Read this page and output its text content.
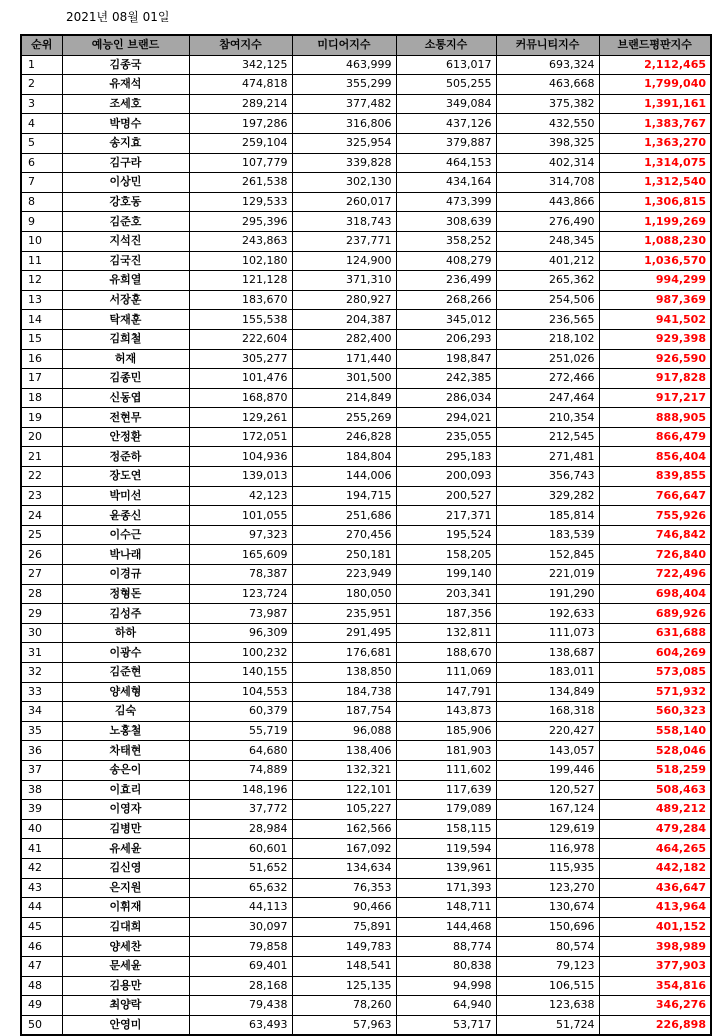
2021년 08월 01일
순위	예능인 브랜드	참여지수	미디어지수	소통지수	커뮤니티지수	브랜드평판지수
1	김종국	342,125	463,999	613,017	693,324	2,112,465
2	유재석	474,818	355,299	505,255	463,668	1,799,040
3	조세호	289,214	377,482	349,084	375,382	1,391,161
4	박명수	197,286	316,806	437,126	432,550	1,383,767
5	송지효	259,104	325,954	379,887	398,325	1,363,270
6	김구라	107,779	339,828	464,153	402,314	1,314,075
7	이상민	261,538	302,130	434,164	314,708	1,312,540
8	강호동	129,533	260,017	473,399	443,866	1,306,815
9	김준호	295,396	318,743	308,639	276,490	1,199,269
10	지석진	243,863	237,771	358,252	248,345	1,088,230
11	김국진	102,180	124,900	408,279	401,212	1,036,570
12	유희열	121,128	371,310	236,499	265,362	994,299
13	서장훈	183,670	280,927	268,266	254,506	987,369
14	탁재훈	155,538	204,387	345,012	236,565	941,502
15	김희철	222,604	282,400	206,293	218,102	929,398
16	허재	305,277	171,440	198,847	251,026	926,590
17	김종민	101,476	301,500	242,385	272,466	917,828
18	신동엽	168,870	214,849	286,034	247,464	917,217
19	전현무	129,261	255,269	294,021	210,354	888,905
20	안정환	172,051	246,828	235,055	212,545	866,479
21	정준하	104,936	184,804	295,183	271,481	856,404
22	장도연	139,013	144,006	200,093	356,743	839,855
23	박미선	42,123	194,715	200,527	329,282	766,647
24	윤종신	101,055	251,686	217,371	185,814	755,926
25	이수근	97,323	270,456	195,524	183,539	746,842
26	박나래	165,609	250,181	158,205	152,845	726,840
27	이경규	78,387	223,949	199,140	221,019	722,496
28	정형돈	123,724	180,050	203,341	191,290	698,404
29	김성주	73,987	235,951	187,356	192,633	689,926
30	하하	96,309	291,495	132,811	111,073	631,688
31	이광수	100,232	176,681	188,670	138,687	604,269
32	김준현	140,155	138,850	111,069	183,011	573,085
33	양세형	104,553	184,738	147,791	134,849	571,932
34	김숙	60,379	187,754	143,873	168,318	560,323
35	노홍철	55,719	96,088	185,906	220,427	558,140
36	차태현	64,680	138,406	181,903	143,057	528,046
37	송은이	74,889	132,321	111,602	199,446	518,259
38	이효리	148,196	122,101	117,639	120,527	508,463
39	이영자	37,772	105,227	179,089	167,124	489,212
40	김병만	28,984	162,566	158,115	129,619	479,284
41	유세윤	60,601	167,092	119,594	116,978	464,265
42	김신영	51,652	134,634	139,961	115,935	442,182
43	은지원	65,632	76,353	171,393	123,270	436,647
44	이휘재	44,113	90,466	148,711	130,674	413,964
45	김대희	30,097	75,891	144,468	150,696	401,152
46	양세찬	79,858	149,783	88,774	80,574	398,989
47	문세윤	69,401	148,541	80,838	79,123	377,903
48	김용만	28,168	125,135	94,998	106,515	354,816
49	최양락	79,438	78,260	64,940	123,638	346,276
50	안영미	63,493	57,963	53,717	51,724	226,898
